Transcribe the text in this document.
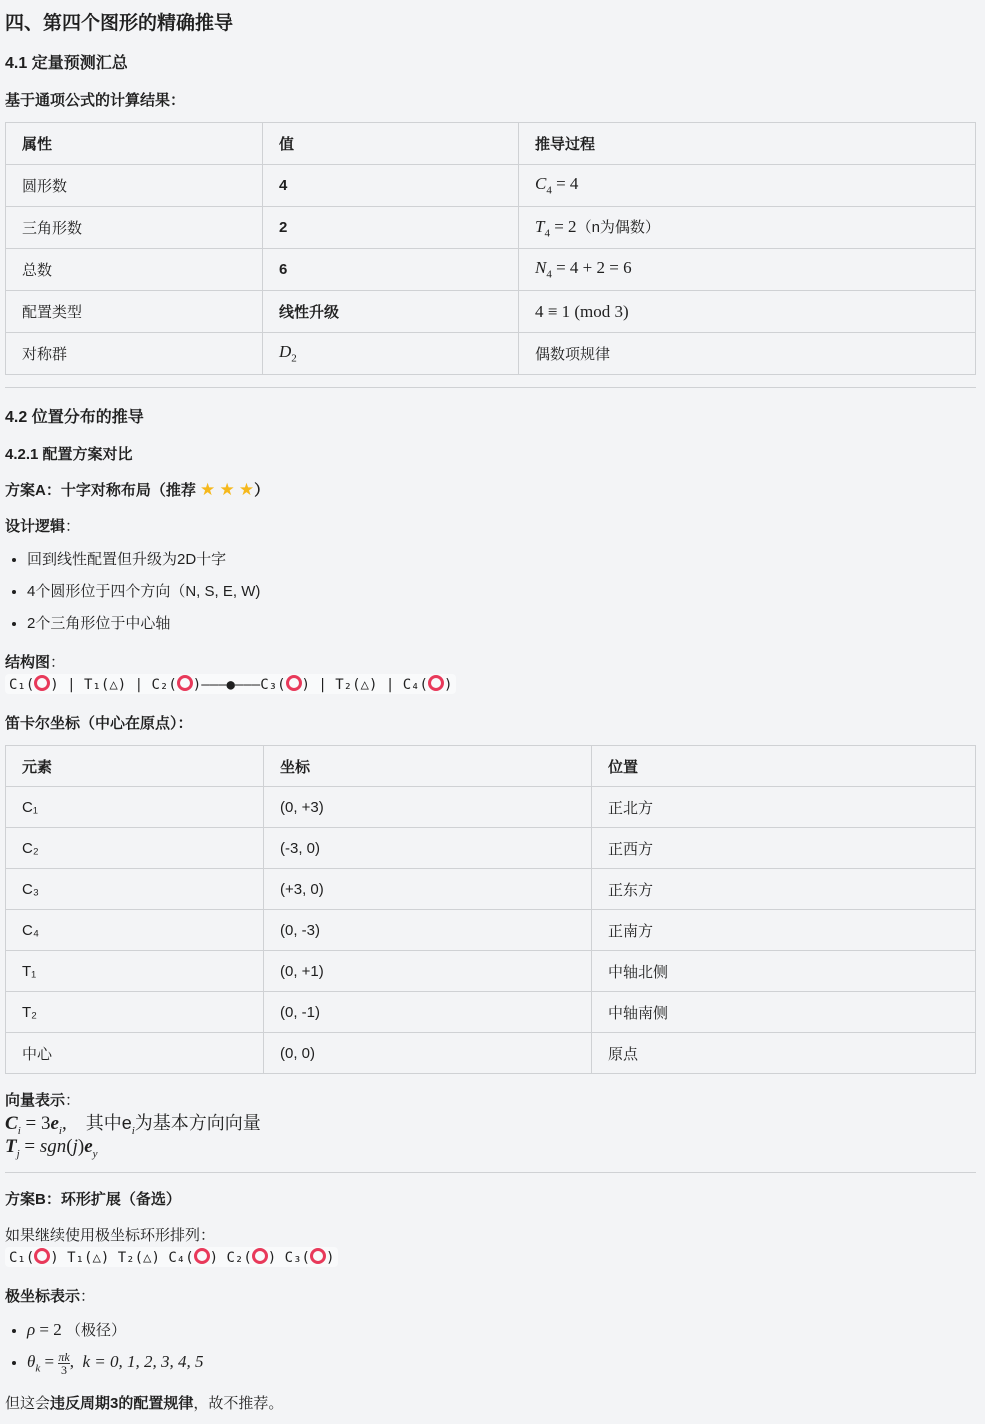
四、第四个图形的精确推导
4.1 定量预测汇总
基于通项公式的计算结果：
属性	值	推导过程
圆形数	4	$C_4 = 4$
三角形数	2	$T_4 = 2(n$为偶数）
总数	6	$N_4 = 4 + 2 = 6$
配置类型	线性升级	4 ≡ 1 (mod 3)
对称群	$D_2$	偶数项规律
4.2 位置分布的推导
4.2.1 配置方案对比
方案A：十字对称布局（推荐 ★ ★ ★）
设计逻辑：
• 回到线性配置但升级为2D十字
• 4个圆形位于四个方向（N, S, E, W)
• 2个三角形位于中心轴
结构图：
C₁( ) | T₁(△) | C₂( )———●———C₃( ) | T₂(△) | C₄( )
笛卡尔坐标（中心在原点）：
元素	坐标	位置
C₁	(0, +3)	正北方
C₂	(-3, 0)	正西方
C₃	(+3, 0)	正东方
C₄	(0, -3)	正南方
T₁	(0, +1)	中轴北侧
T₂	(0, -1)	中轴南侧
中心	(0, 0)	原点
向量表示：
$C_i = 3e_i$,    其中$e_i$为基本方向向量
$T_j = sgn(j)e_y$
方案B：环形扩展（备选）
如果继续使用极坐标环形排列：
C₁( ) T₁(△) T₂(△) C₄( ) C₂( ) C₃( )
极坐标表示：
• ρ = 2 （极径）
• $\theta_k = \pi k$
3 ,  k = 0, 1, 2, 3, 4, 5
但这会违反周期3的配置规律，故不推荐。
